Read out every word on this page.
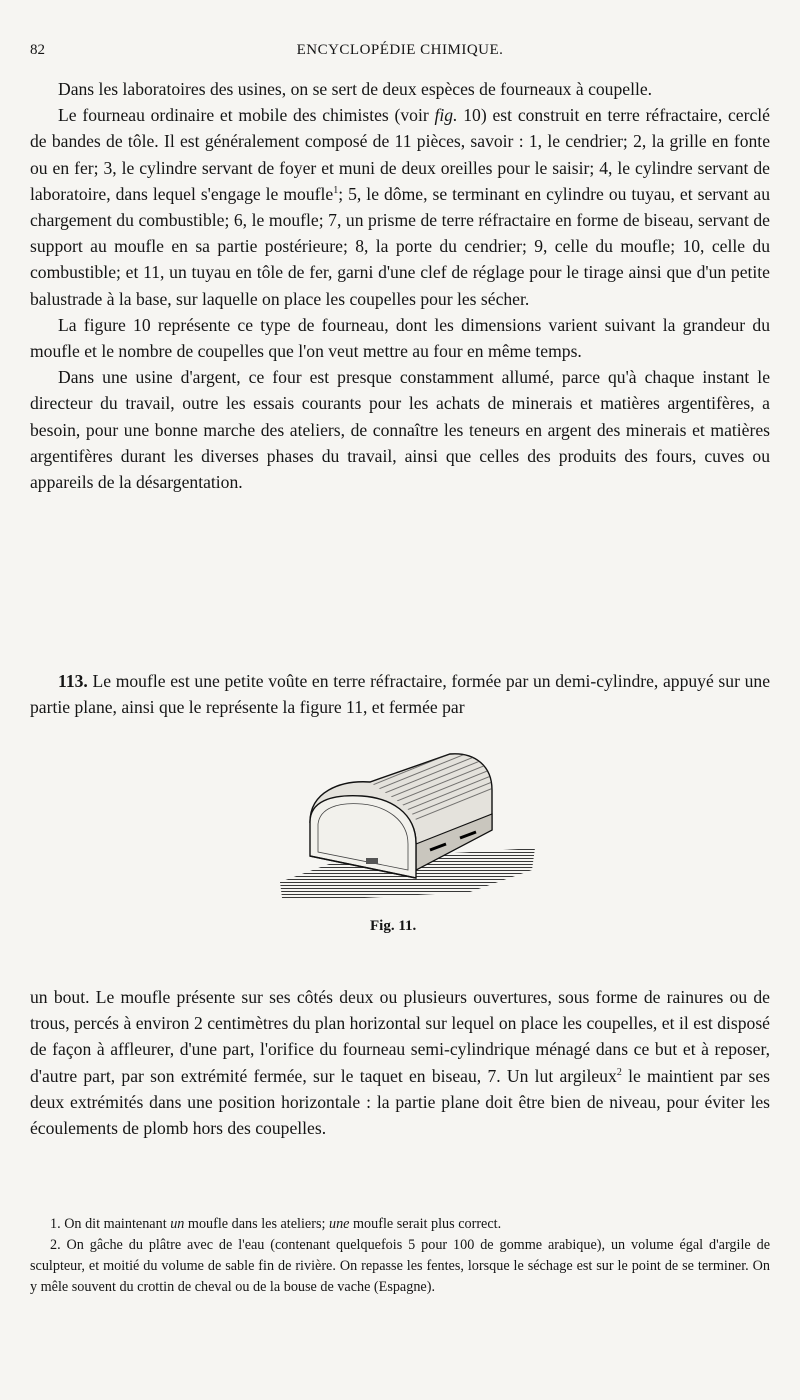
82	ENCYCLOPÉDIE CHIMIQUE.

Dans les laboratoires des usines, on se sert de deux espèces de fourneaux à coupelle.

Le fourneau ordinaire et mobile des chimistes (voir fig. 10) est construit en terre réfractaire, cerclé de bandes de tôle. Il est généralement composé de 11 pièces, savoir : 1, le cendrier; 2, la grille en fonte ou en fer; 3, le cylindre servant de foyer et muni de deux oreilles pour le saisir; 4, le cylindre servant de laboratoire, dans lequel s'engage le moufle$^1$; 5, le dôme, se terminant en cylindre ou tuyau, et servant au chargement du combustible; 6, le moufle; 7, un prisme de terre réfractaire en forme de biseau, servant de support au moufle en sa partie postérieure; 8, la porte du cendrier; 9, celle du moufle; 10, celle du combustible; et 11, un tuyau en tôle de fer, garni d'une clef de réglage pour le tirage ainsi que d'un petite balustrade à la base, sur laquelle on place les coupelles pour les sécher.

La figure 10 représente ce type de fourneau, dont les dimensions varient suivant la grandeur du moufle et le nombre de coupelles que l'on veut mettre au four en même temps.

Dans une usine d'argent, ce four est presque constamment allumé, parce qu'à chaque instant le directeur du travail, outre les essais courants pour les achats de minerais et matières argentifères, a besoin, pour une bonne marche des ateliers, de connaître les teneurs en argent des minerais et matières argentifères durant les diverses phases du travail, ainsi que celles des produits des fours, cuves ou appareils de la désargentation.

113. Le moufle est une petite voûte en terre réfractaire, formée par un demi-cylindre, appuyé sur une partie plane, ainsi que le représente la figure 11, et fermée par

Fig. 11.

un bout. Le moufle présente sur ses côtés deux ou plusieurs ouvertures, sous forme de rainures ou de trous, percés à environ 2 centimètres du plan horizontal sur lequel on place les coupelles, et il est disposé de façon à affleurer, d'une part, l'orifice du fourneau semi-cylindrique ménagé dans ce but et à reposer, d'autre part, par son extrémité fermée, sur le taquet en biseau, 7. Un lut argileux$^2$ le maintient par ses deux extrémités dans une position horizontale : la partie plane doit être bien de niveau, pour éviter les écoulements de plomb hors des coupelles.

1. On dit maintenant un moufle dans les ateliers; une moufle serait plus correct.

2. On gâche du plâtre avec de l'eau (contenant quelquefois 5 pour 100 de gomme arabique), un volume égal d'argile de sculpteur, et moitié du volume de sable fin de rivière. On repasse les fentes, lorsque le séchage est sur le point de se terminer. On y mêle souvent du crottin de cheval ou de la bouse de vache (Espagne).
